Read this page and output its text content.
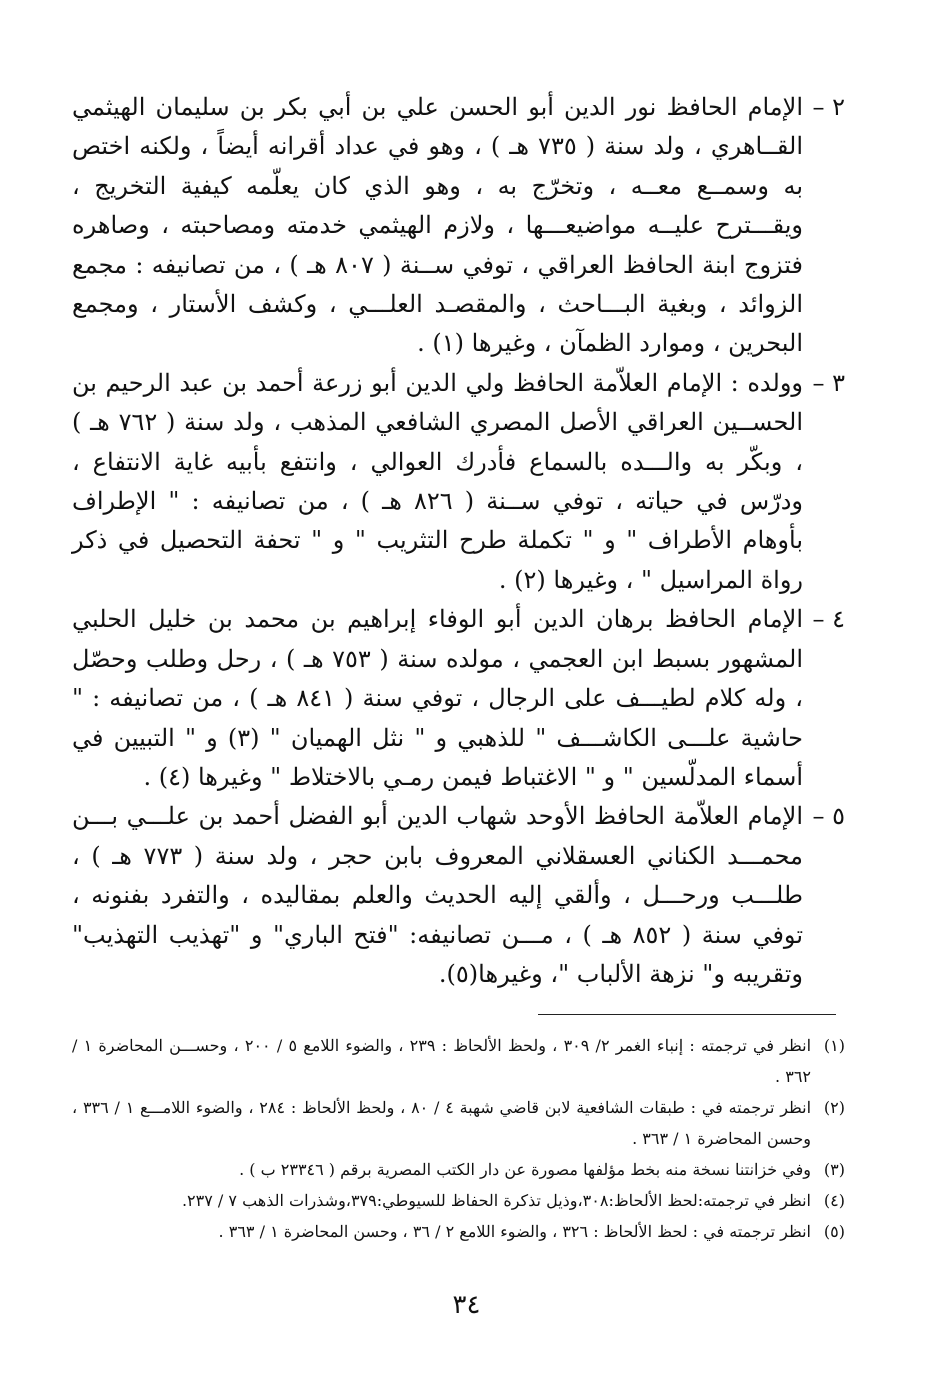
٢ –
الإمام الحافظ نور الدين أبو الحسن علي بن أبي بكر بن سليمان الهيثمي القــاهري ، ولد سنة ( ٧٣٥ هـ ) ، وهو في عداد أقرانه أيضاً ، ولكنه اختص به وسمــع معــه ، وتخرّج به ، وهو الذي كان يعلّمه كيفية التخريج ، ويقـــترح عليــه مواضيعـــها ، ولازم الهيثمي خدمته ومصاحبته ، وصاهره فتزوج ابنة الحافظ العراقي ، توفي ســنة ( ٨٠٧ هـ ) ، من تصانيفه : مجمع الزوائد ، وبغية البـــاحث ، والمقصـد العلـــي ، وكشف الأستار ، ومجمع البحرين ، وموارد الظمآن ، وغيرها (١) .
٣ –
وولده : الإمام العلاّمة الحافظ ولي الدين أبو زرعة أحمد بن عبد الرحيم بن الحســين العراقي الأصل المصري الشافعي المذهب ، ولد سنة ( ٧٦٢ هـ ) ، وبكّر به والـــده بالسماع فأدرك العوالي ، وانتفع بأبيه غاية الانتفاع ، ودرّس في حياته ، توفي ســنة ( ٨٢٦ هـ ) ، من تصانيفه : " الإطراف بأوهام الأطراف " و " تكملة طرح التثريب " و " تحفة التحصيل في ذكر رواة المراسيل " ، وغيرها (٢) .
٤ –
الإمام الحافظ برهان الدين أبو الوفاء إبراهيم بن محمد بن خليل الحلبي المشهور بسبط ابن العجمي ، مولده سنة ( ٧٥٣ هـ ) ، رحل وطلب وحصّل ، وله كلام لطيـــف على الرجال ، توفي سنة ( ٨٤١ هـ ) ، من تصانيفه : " حاشية علـــى الكاشـــف " للذهبي و " نثل الهميان " (٣) و " التبيين في أسماء المدلّسين " و " الاغتباط فيمن رمـي بالاختلاط " وغيرها (٤) .
٥ –
الإمام العلاّمة الحافظ الأوحد شهاب الدين أبو الفضل أحمد بن علـــي بـــن محمـــد الكناني العسقلاني المعروف بابن حجر ، ولد سنة ( ٧٧٣ هـ ) ، طلـــب ورحـــل ، وألقي إليه الحديث والعلم بمقاليده ، والتفرد بفنونه ، توفي سنة ( ٨٥٢ هـ ) ، مـــن تصانيفه: "فتح الباري" و "تهذيب التهذيب" وتقريبه و" نزهة الألباب "، وغيرها(٥).
(١)
انظر في ترجمته : إنباء الغمر ٢/ ٣٠٩ ، ولحظ الألحاظ : ٢٣٩ ، والضوء اللامع ٥ / ٢٠٠ ، وحســـن المحاضرة ١ / ٣٦٢ .
(٢)
انظر ترجمته في : طبقات الشافعية لابن قاضي شهبة ٤ / ٨٠ ، ولحظ الألحاظ : ٢٨٤ ، والضوء اللامـــع ١ / ٣٣٦ ، وحسن المحاضرة ١ / ٣٦٣ .
(٣)
وفي خزانتنا نسخة منه بخط مؤلفها مصورة عن دار الكتب المصرية برقم ( ٢٣٣٤٦ ب ) .
(٤)
انظر في ترجمته:لحظ الألحاظ:٣٠٨،وذيل تذكرة الحفاظ للسيوطي:٣٧٩،وشذرات الذهب ٧ / ٢٣٧.
(٥)
انظر ترجمته في : لحظ الألحاظ : ٣٢٦ ، والضوء اللامع ٢ / ٣٦ ، وحسن المحاضرة ١ / ٣٦٣ .
٣٤
